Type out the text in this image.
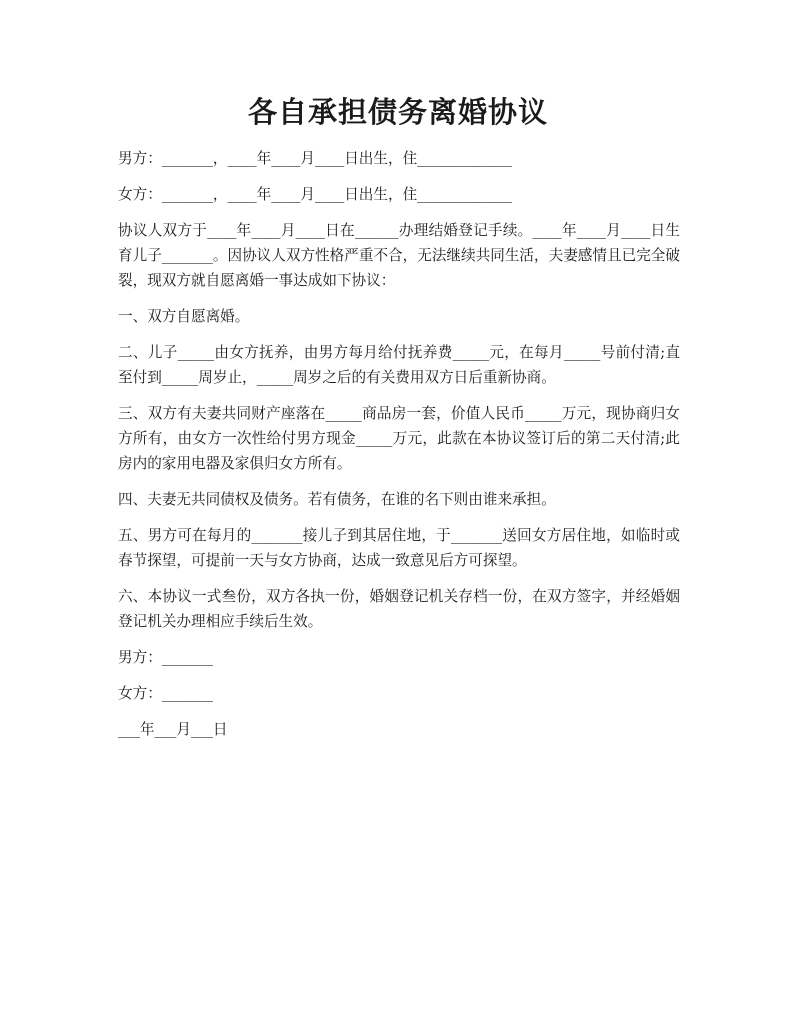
各自承担债务离婚协议

男方：_______，____年____月____日出生，住_____________

女方：_______，____年____月____日出生，住_____________

协议人双方于____年____月____日在______办理结婚登记手续。____年____月____日生育儿子_______。因协议人双方性格严重不合，无法继续共同生活，夫妻感情且已完全破裂，现双方就自愿离婚一事达成如下协议：

一、双方自愿离婚。

二、儿子_____由女方抚养，由男方每月给付抚养费_____元，在每月_____号前付清;直至付到_____周岁止，_____周岁之后的有关费用双方日后重新协商。

三、双方有夫妻共同财产座落在_____商品房一套，价值人民币_____万元，现协商归女方所有，由女方一次性给付男方现金_____万元，此款在本协议签订后的第二天付清;此房内的家用电器及家俱归女方所有。

四、夫妻无共同债权及债务。若有债务，在谁的名下则由谁来承担。

五、男方可在每月的_______接儿子到其居住地，于_______送回女方居住地，如临时或春节探望，可提前一天与女方协商，达成一致意见后方可探望。

六、本协议一式叁份，双方各执一份，婚姻登记机关存档一份，在双方签字，并经婚姻登记机关办理相应手续后生效。

男方：_______

女方：_______

___年___月___日
